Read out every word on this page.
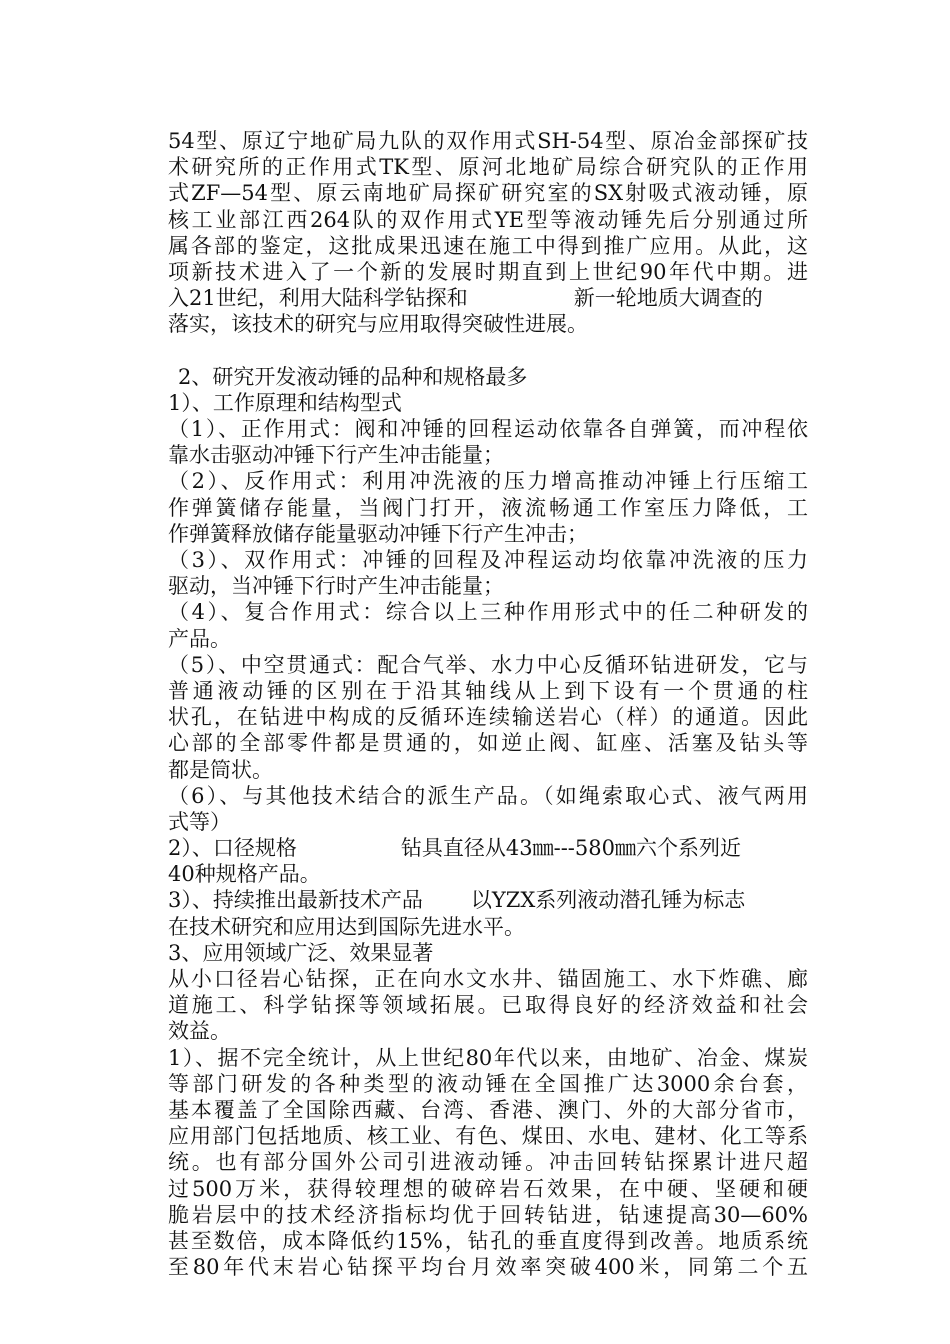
54型、原辽宁地矿局九队的双作用式SH-54型、原冶金部探矿技
术研究所的正作用式TK型、原河北地矿局综合研究队的正作用
式ZF—54型、原云南地矿局探矿研究室的SX射吸式液动锤，原
核工业部江西264队的双作用式YE型等液动锤先后分别通过所
属各部的鉴定，这批成果迅速在施工中得到推广应用。从此，这
项新技术进入了一个新的发展时期直到上世纪90年代中期。进
入21世纪，利用大陆科学钻探和	新一轮地质大调查的
落实，该技术的研究与应用取得突破性进展。
2、研究开发液动锤的品种和规格最多
1）、工作原理和结构型式
（1）、正作用式：阀和冲锤的回程运动依靠各自弹簧，而冲程依
靠水击驱动冲锤下行产生冲击能量；
（2）、反作用式：利用冲洗液的压力增高推动冲锤上行压缩工
作弹簧储存能量，当阀门打开，液流畅通工作室压力降低，工
作弹簧释放储存能量驱动冲锤下行产生冲击；
（3）、双作用式：冲锤的回程及冲程运动均依靠冲洗液的压力
驱动，当冲锤下行时产生冲击能量；
（4）、复合作用式：综合以上三种作用形式中的任二种研发的
产品。
（5）、中空贯通式：配合气举、水力中心反循环钻进研发，它与
普通液动锤的区别在于沿其轴线从上到下设有一个贯通的柱
状孔，在钻进中构成的反循环连续输送岩心（样）的通道。因此
心部的全部零件都是贯通的，如逆止阀、缸座、活塞及钻头等
都是筒状。
（6）、与其他技术结合的派生产品。（如绳索取心式、液气两用
式等）
2）、口径规格	钻具直径从43㎜---580㎜六个系列近
40种规格产品。
3）、持续推出最新技术产品 以YZX系列液动潜孔锤为标志
在技术研究和应用达到国际先进水平。
3、应用领域广泛、效果显著
从小口径岩心钻探，正在向水文水井、锚固施工、水下炸礁、廊
道施工、科学钻探等领域拓展。已取得良好的经济效益和社会
效益。
1）、据不完全统计，从上世纪80年代以来，由地矿、冶金、煤炭
等部门研发的各种类型的液动锤在全国推广达3000余台套，
基本覆盖了全国除西藏、台湾、香港、澳门、外的大部分省市，
应用部门包括地质、核工业、有色、煤田、水电、建材、化工等系
统。也有部分国外公司引进液动锤。冲击回转钻探累计进尺超
过500万米，获得较理想的破碎岩石效果，在中硬、坚硬和硬
脆岩层中的技术经济指标均优于回转钻进，钻速提高30—60%
甚至数倍，成本降低约15%，钻孔的垂直度得到改善。地质系统
至80年代末岩心钻探平均台月效率突破400米，同第二个五
